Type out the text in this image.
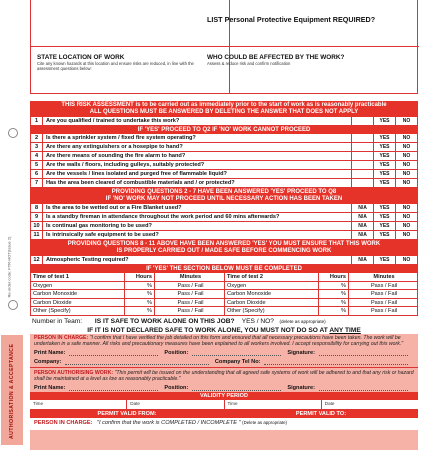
LIST Personal Protective Equipment REQUIRED?
STATE LOCATION OF WORK
Cite any known hazards at this location and ensure risks are reduced, in line with the assessment questions below:
WHO COULD BE AFFECTED BY THE WORK?
Assess & reduce risk and confirm notification
Re-order code: FTR-HOT(Issue 2)
AUTHORISATION & ACCEPTANCE
THIS RISK ASSESSMENT is to be carried out as immediately prior to the start of work as is reasonably practicable
ALL QUESTIONS MUST BE ANSWERED BY DELETING THE ANSWER THAT DOES NOT APPLY
1	Are you qualified / trained to undertake this work?	YES	NO
IF 'YES' PROCEED TO Q2 IF 'NO' WORK CANNOT PROCEED
2	Is there a sprinkler system / fixed fire system operating?	YES	NO
3	Are there any extinguishers or a hosepipe to hand?	YES	NO
4	Are there means of sounding the fire alarm to hand?	YES	NO
5	Are the walls / floors, including gulleys, suitably protected?	YES	NO
6	Are the vessels / lines isolated and purged free of flammable liquid?	YES	NO
7	Has the area been cleared of combustible materials and / or protected?	YES	NO
PROVIDING QUESTIONS 2 - 7 HAVE BEEN ANSWERED 'YES' PROCEED TO Q8
IF 'NO' WORK MAY NOT PROCEED UNTIL NECESSARY ACTION HAS BEEN TAKEN
8	Is the area to be wetted out or a Fire Blanket used?	N/A	YES	NO
9	Is a standby fireman in attendance throughout the work period and 60 mins afterwards?	N/A	YES	NO
10	Is continual gas monitoring to be used?	N/A	YES	NO
11	Is intrinsically safe equipment to be used?	N/A	YES	NO
PROVIDING QUESTIONS 8 - 11 ABOVE HAVE BEEN ANSWERED 'YES' YOU MUST ENSURE THAT THIS WORK
IS PROPERLY CARRIED OUT / MADE SAFE BEFORE COMMENCING WORK
12	Atmospheric Testing required?	N/A	YES	NO
IF 'YES' THE SECTION BELOW MUST BE COMPLETED
Time of test 1	Hours	Minutes	Time of test 2	Hours	Minutes
Oxygen	%	Pass / Fail	Oxygen	%	Pass / Fail
Carbon Monoxide	%	Pass / Fail	Carbon Monoxide	%	Pass / Fail
Carbon Dioxide	%	Pass / Fail	Carbon Dioxide	%	Pass / Fail
Other (Specify)	%	Pass / Fail	Other (Specify)	%	Pass / Fail
Number in Team: IS IT SAFE TO WORK ALONE ON THIS JOB? YES / NO? (delete as appropriate)
IF IT IS NOT DECLARED SAFE TO WORK ALONE, YOU MUST NOT DO SO AT ANY TIME
PERSON IN CHARGE: "I confirm that I have verified the job detailed on this form and ensured that all necessary precautions have been taken. The work will be undertaken in a safe manner. All risks and precautionary measures have been explained to all workers involved. I accept responsibility for carrying out this work."
Print Name:	Position:	Signature:
Company:	Company Tel No:
PERSON AUTHORISING WORK: "This permit will be issued on the understanding that all agreed safe systems of work will be adhered to and that any risk or hazard shall be maintained at a level as low as reasonably practicable."
Print Name:	Position:	Signature:
VALIDITY PERIOD
Time	Date	Time	Date
PERMIT VALID FROM:	PERMIT VALID TO:
PERSON IN CHARGE: "I confirm that the work is COMPLETED / INCOMPLETE " (Delete as appropriate)
